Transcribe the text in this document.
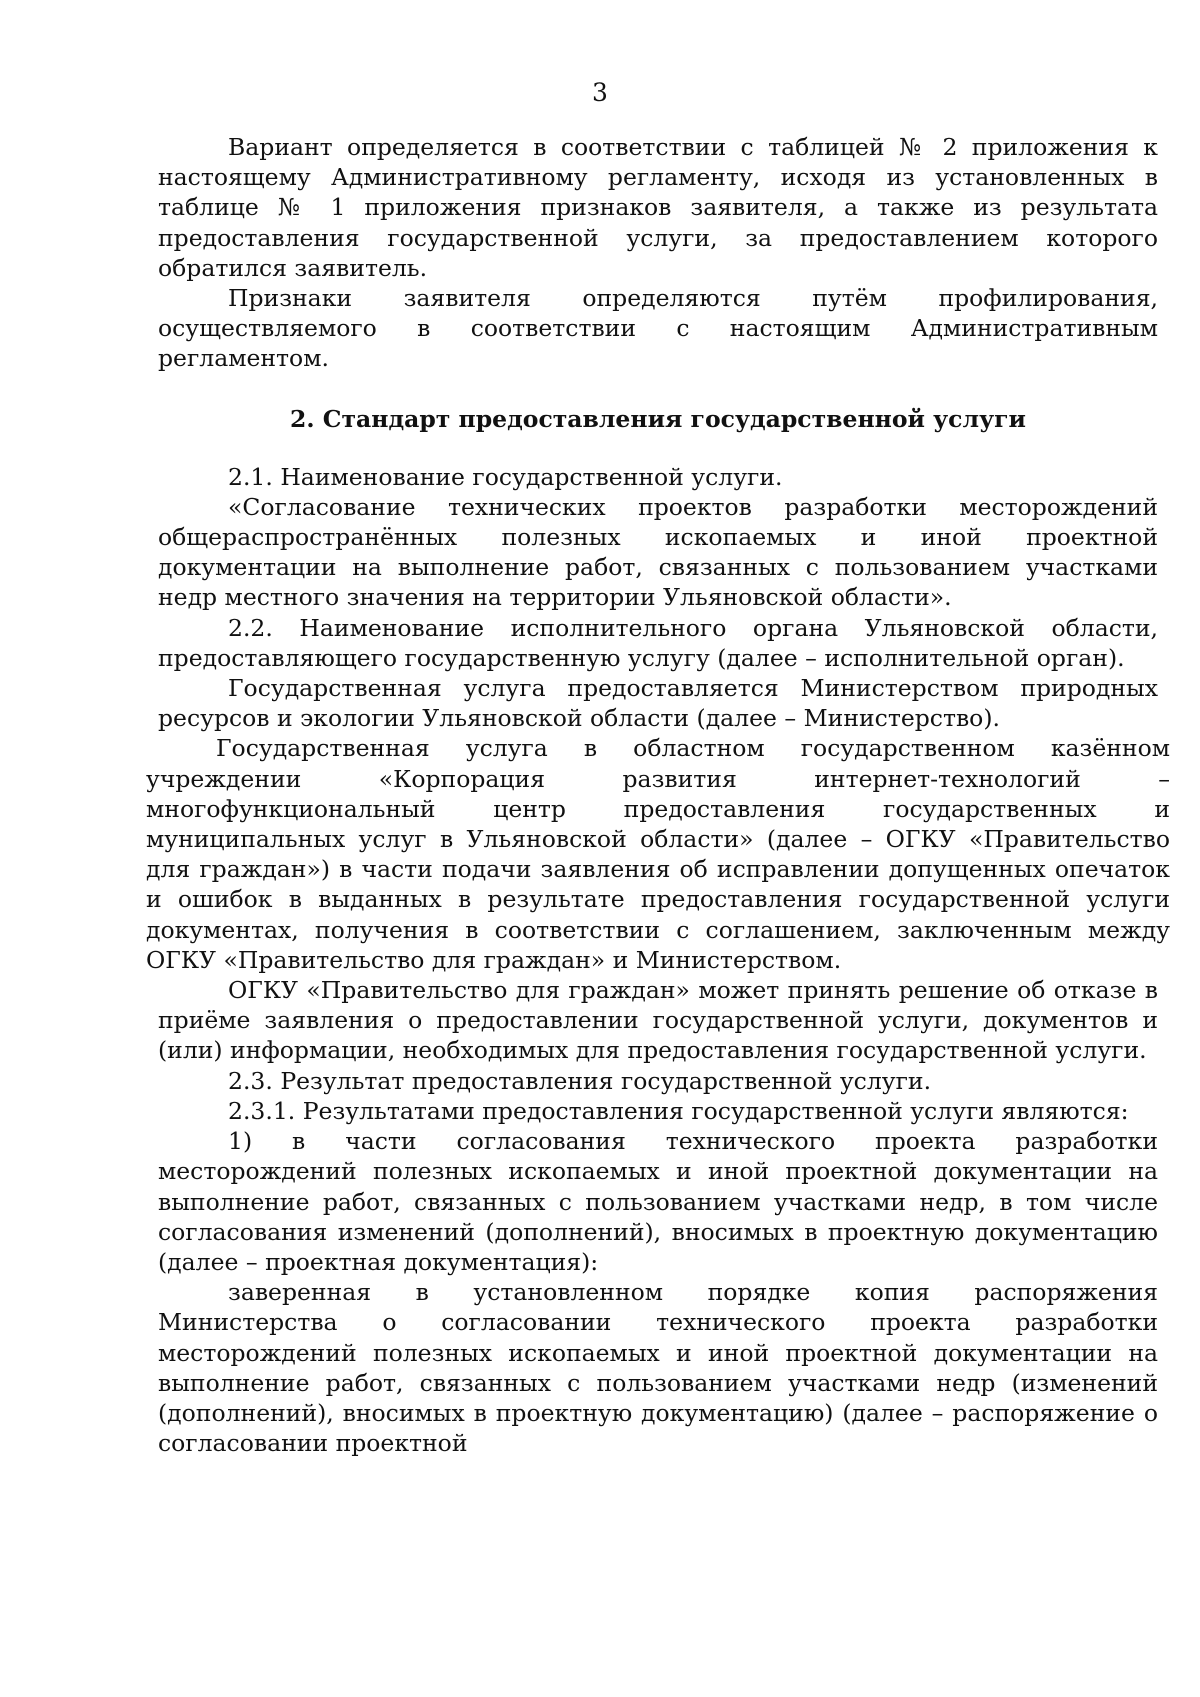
3

Вариант определяется в соответствии с таблицей № 2 приложения к настоящему Административному регламенту, исходя из установленных в таблице № 1 приложения признаков заявителя, а также из результата предоставления государственной услуги, за предоставлением которого обратился заявитель.

Признаки заявителя определяются путём профилирования, осуществляемого в соответствии с настоящим Административным регламентом.

2. Стандарт предоставления государственной услуги

2.1. Наименование государственной услуги.

«Согласование технических проектов разработки месторождений общераспространённых полезных ископаемых и иной проектной документации на выполнение работ, связанных с пользованием участками недр местного значения на территории Ульяновской области».

2.2. Наименование исполнительного органа Ульяновской области, предоставляющего государственную услугу (далее – исполнительной орган).

Государственная услуга предоставляется Министерством природных ресурсов и экологии Ульяновской области (далее – Министерство).

Государственная услуга в областном государственном казённом учреждении «Корпорация развития интернет-технологий – многофункциональный центр предоставления государственных и муниципальных услуг в Ульяновской области» (далее – ОГКУ «Правительство для граждан») в части подачи заявления об исправлении допущенных опечаток и ошибок в выданных в результате предоставления государственной услуги документах, получения в соответствии с соглашением, заключенным между ОГКУ «Правительство для граждан» и Министерством.

ОГКУ «Правительство для граждан» может принять решение об отказе в приёме заявления о предоставлении государственной услуги, документов и (или) информации, необходимых для предоставления государственной услуги.

2.3. Результат предоставления государственной услуги.

2.3.1. Результатами предоставления государственной услуги являются:

1) в части согласования технического проекта разработки месторождений полезных ископаемых и иной проектной документации на выполнение работ, связанных с пользованием участками недр, в том числе согласования изменений (дополнений), вносимых в проектную документацию (далее – проектная документация):

заверенная в установленном порядке копия распоряжения Министерства о согласовании технического проекта разработки месторождений полезных ископаемых и иной проектной документации на выполнение работ, связанных с пользованием участками недр (изменений (дополнений), вносимых в проектную документацию) (далее – распоряжение о согласовании проектной
